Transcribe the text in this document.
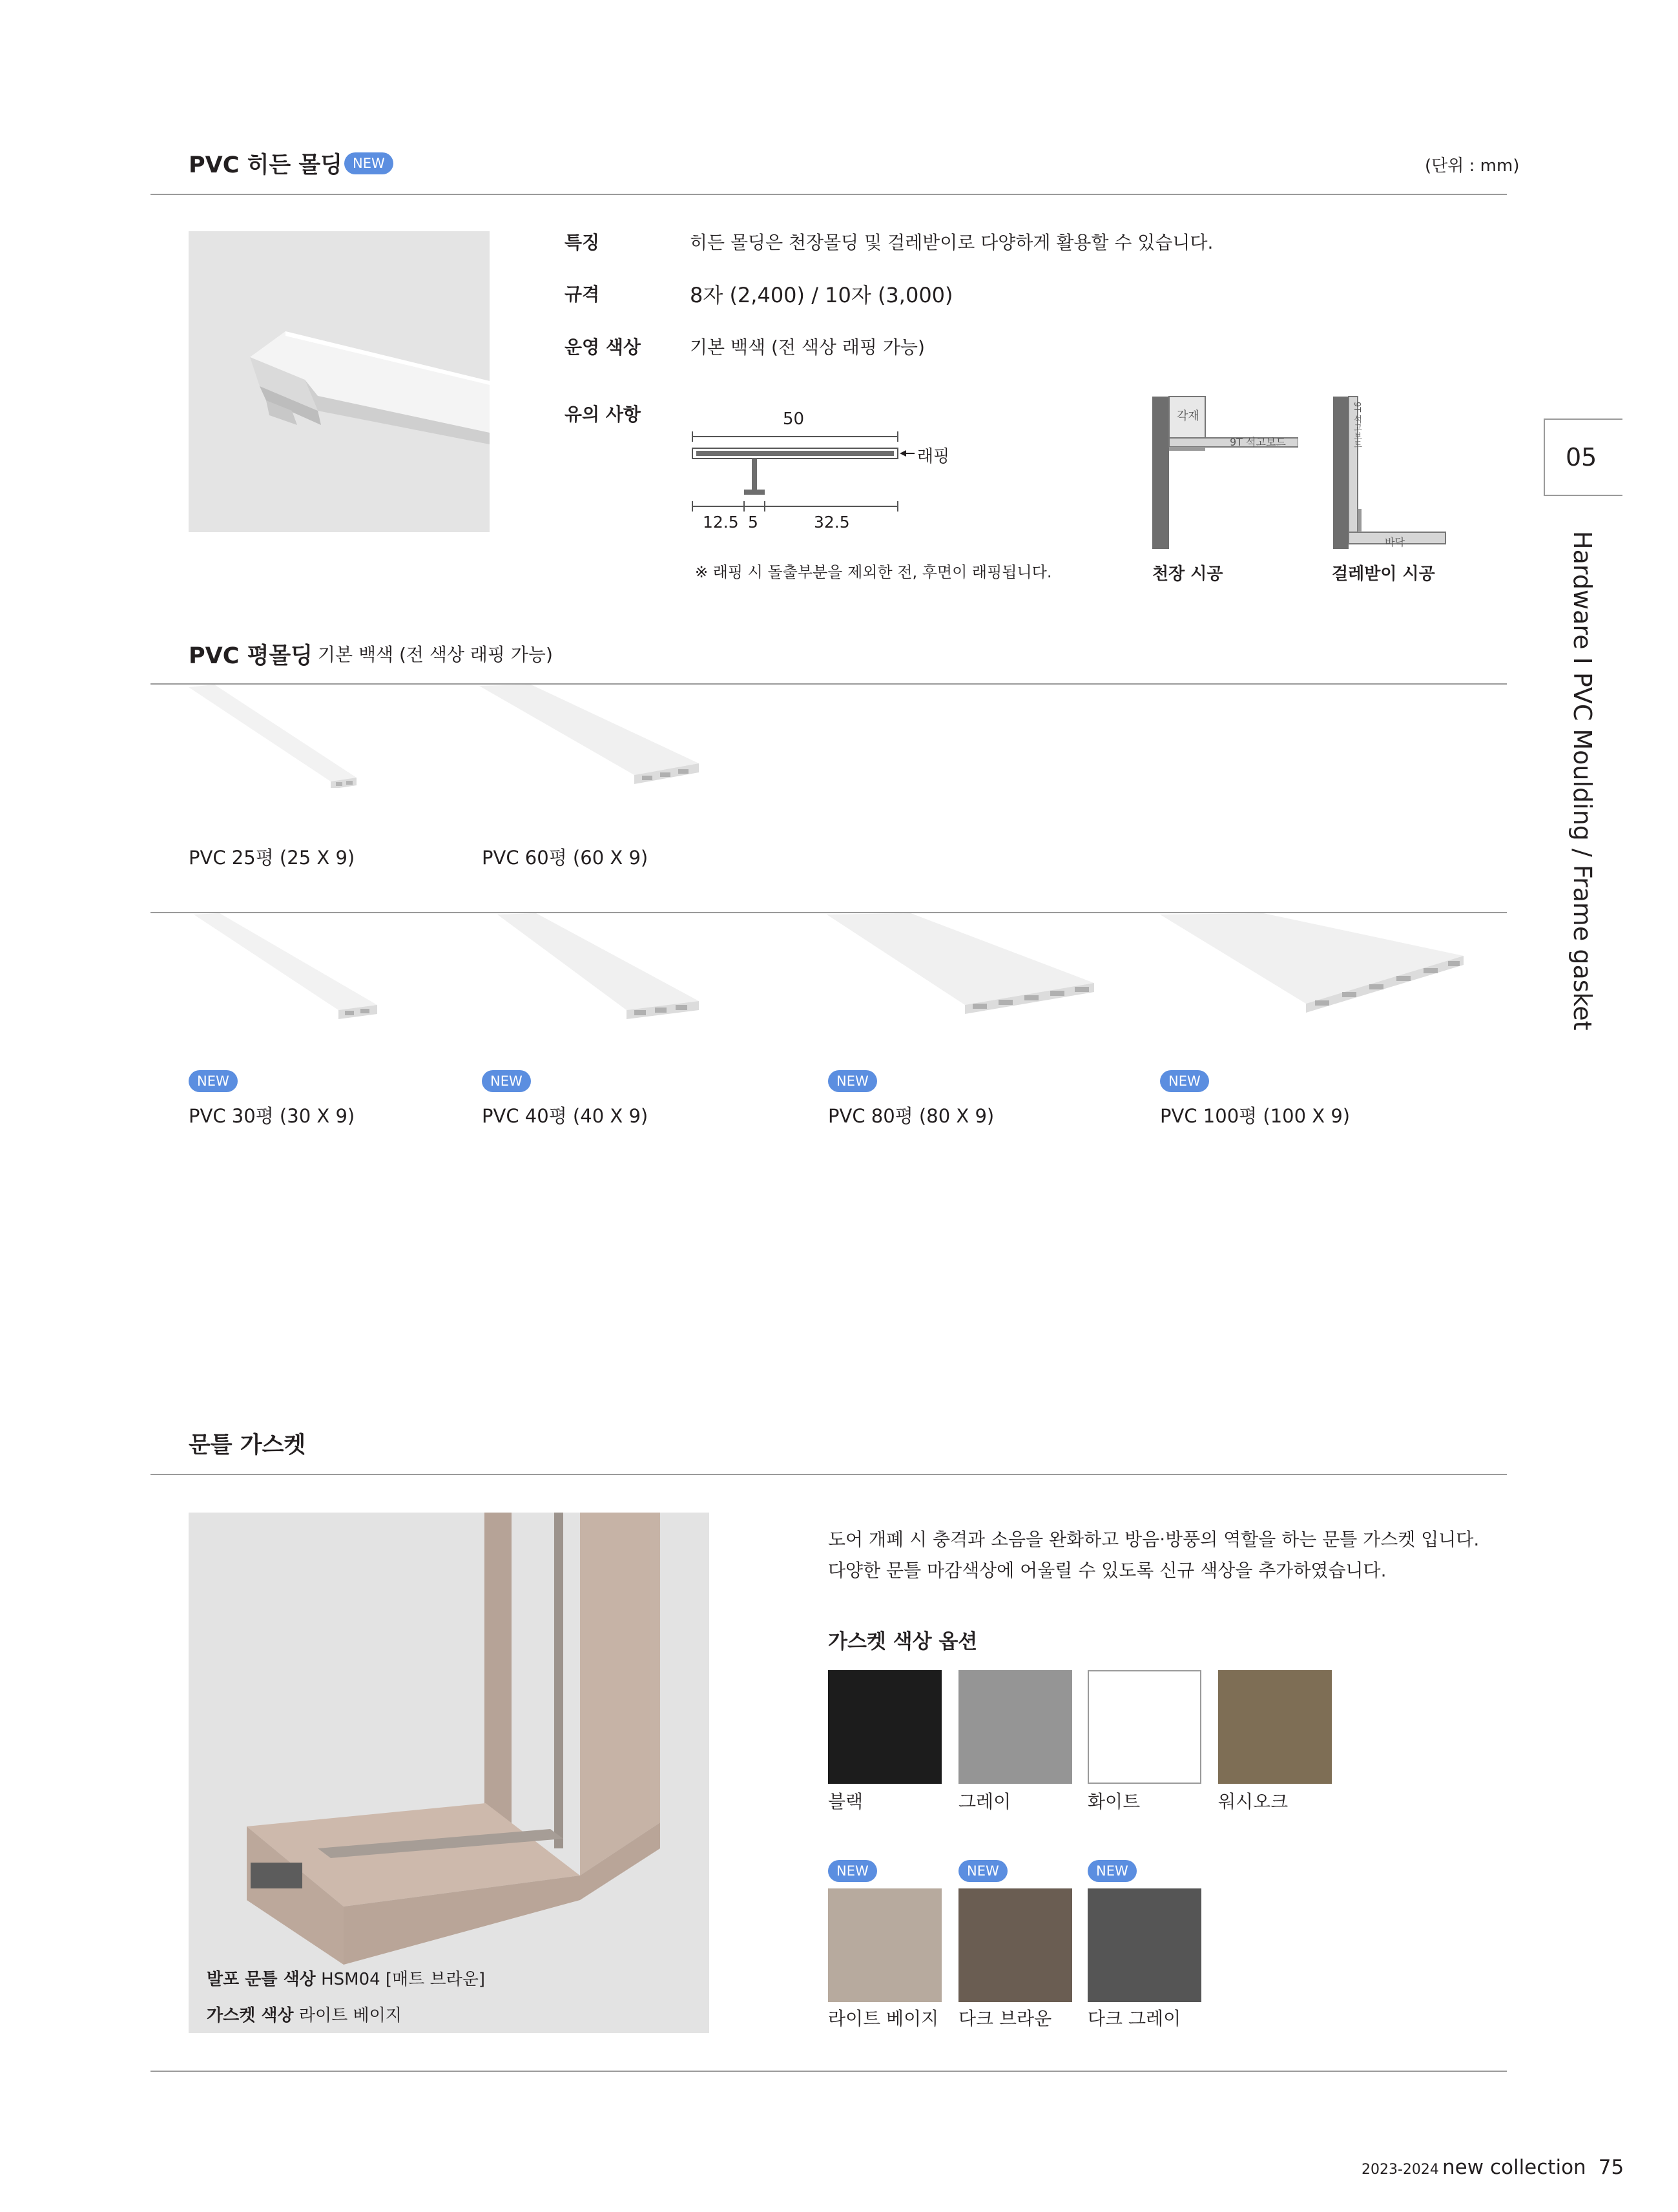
PVC 히든 몰딩 NEW	(단위 : mm)
특징	히든 몰딩은 천장몰딩 및 걸레받이로 다양하게 활용할 수 있습니다.
규격	8자 (2,400) / 10자 (3,000)
운영 색상	기본 백색 (전 색상 래핑 가능)
유의 사항	50
래핑
12.5 5	32.5
※ 래핑 시 돌출부분을 제외한 전, 후면이 래핑됩니다.
각재
9T 석고보드
천장 시공
9T 석고보드
바닥
걸레받이 시공
PVC 평몰딩 기본 백색 (전 색상 래핑 가능)
PVC 25평 (25 X 9)	PVC 60평 (60 X 9)
NEW	NEW	NEW	NEW
PVC 30평 (30 X 9)	PVC 40평 (40 X 9)	PVC 80평 (80 X 9)	PVC 100평 (100 X 9)
05
Hardware I PVC Moulding / Frame gasket
문틀 가스켓
발포 문틀 색상 HSM04 [매트 브라운]
가스켓 색상 라이트 베이지
도어 개폐 시 충격과 소음을 완화하고 방음·방풍의 역할을 하는 문틀 가스켓 입니다.
다양한 문틀 마감색상에 어울릴 수 있도록 신규 색상을 추가하였습니다.
가스켓 색상 옵션
블랙	그레이	화이트	워시오크
NEW	NEW	NEW
라이트 베이지 다크 브라운 다크 그레이
2023-2024 new collection 75
